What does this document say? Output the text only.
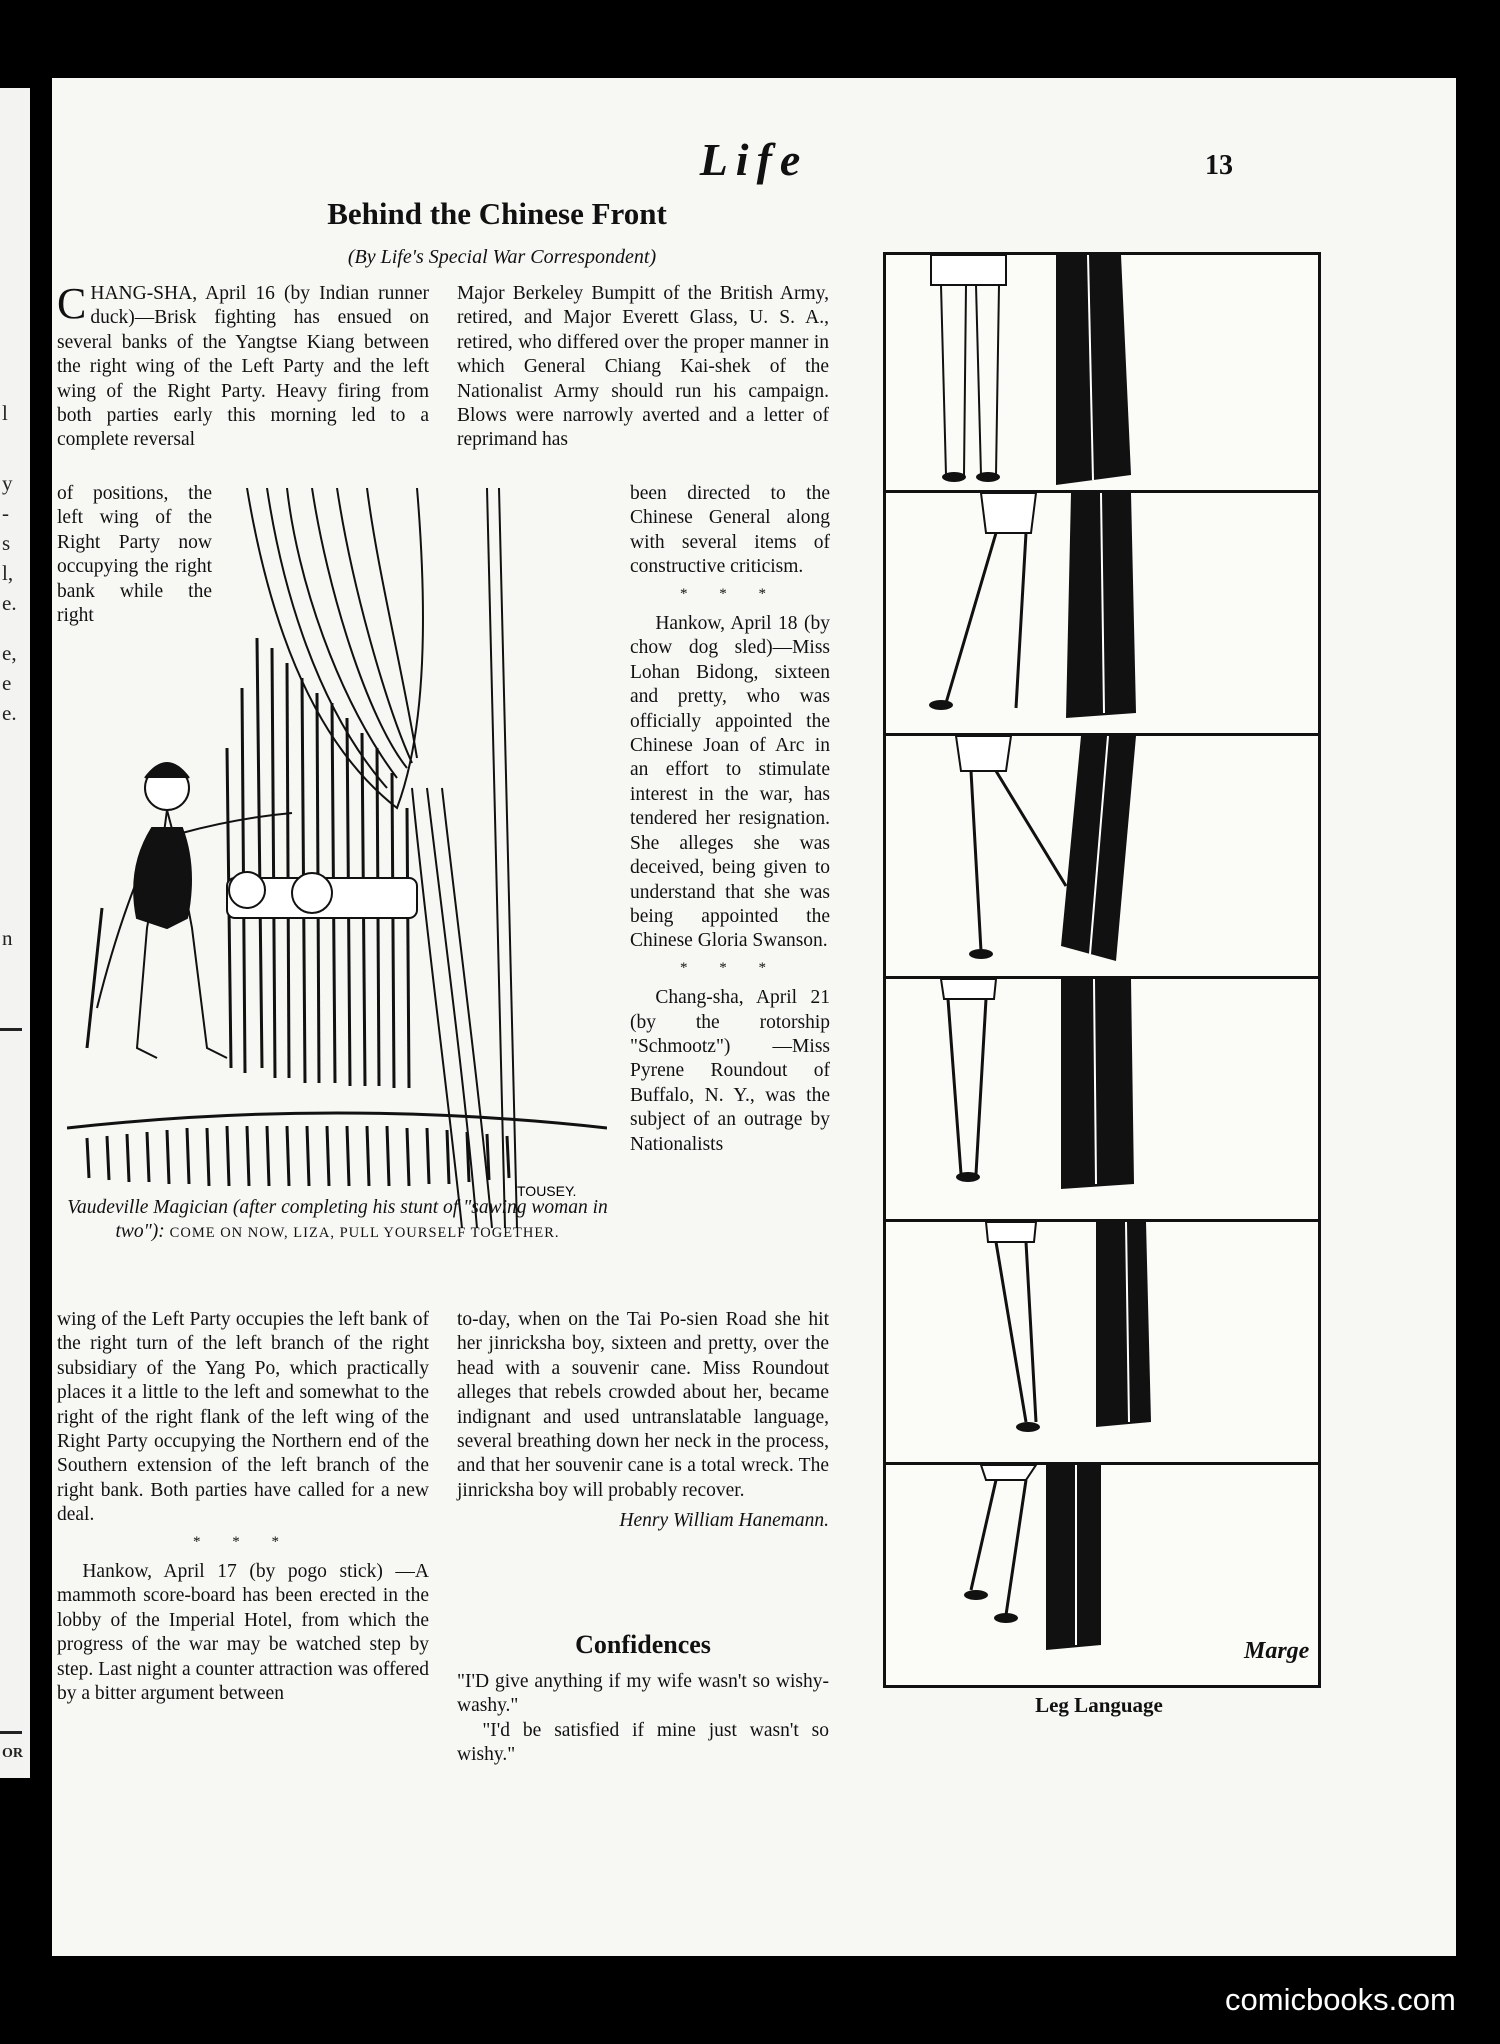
l
y
-
s
l,
e.
e,
e
e.
n
OR
Life	13
Behind the Chinese Front
(By Life's Special War Correspondent)

CHANG-SHA, April 16 (by Indian runner duck)—Brisk fighting has ensued on several banks of the Yangtse Kiang between the right wing of the Left Party and the left wing of the Right Party. Heavy firing from both parties early this morning led to a complete reversal

of positions, the left wing of the Right Party now occupying the right bank while the right

Major Berkeley Bumpitt of the British Army, retired, and Major Everett Glass, U. S. A., retired, who differed over the proper manner in which General Chiang Kai-shek of the Nationalist Army should run his campaign. Blows were narrowly averted and a letter of reprimand has

been directed to the Chinese General along with several items of constructive criticism.

* * *

Hankow, April 18 (by chow dog sled)—Miss Lohan Bidong, sixteen and pretty, who was officially appointed the Chinese Joan of Arc in an effort to stimulate interest in the war, has tendered her resignation. She alleges she was deceived, being given to understand that she was being appointed the Chinese Gloria Swanson.

* * *

Chang-sha, April 21 (by the rotorship "Schmootz") —Miss Pyrene Roundout of Buffalo, N. Y., was the subject of an outrage by Nationalists

TOUSEY.
Vaudeville Magician (after completing his stunt of "sawing woman in two"): COME ON NOW, LIZA, PULL YOURSELF TOGETHER.

wing of the Left Party occupies the left bank of the right turn of the left branch of the right subsidiary of the Yang Po, which practically places it a little to the left and somewhat to the right of the right flank of the left wing of the Right Party occupying the Northern end of the Southern extension of the left branch of the right bank. Both parties have called for a new deal.

* * *

Hankow, April 17 (by pogo stick) —A mammoth score-board has been erected in the lobby of the Imperial Hotel, from which the progress of the war may be watched step by step. Last night a counter attraction was offered by a bitter argument between

to-day, when on the Tai Po-sien Road she hit her jinricksha boy, sixteen and pretty, over the head with a souvenir cane. Miss Roundout alleges that rebels crowded about her, became indignant and used untranslatable language, several breathing down her neck in the process, and that her souvenir cane is a total wreck. The jinricksha boy will probably recover.

Henry William Hanemann.

Confidences

"I'D give anything if my wife wasn't so wishy-washy."

"I'd be satisfied if mine just wasn't so wishy."

Marge
Leg Language
comicbooks.com
